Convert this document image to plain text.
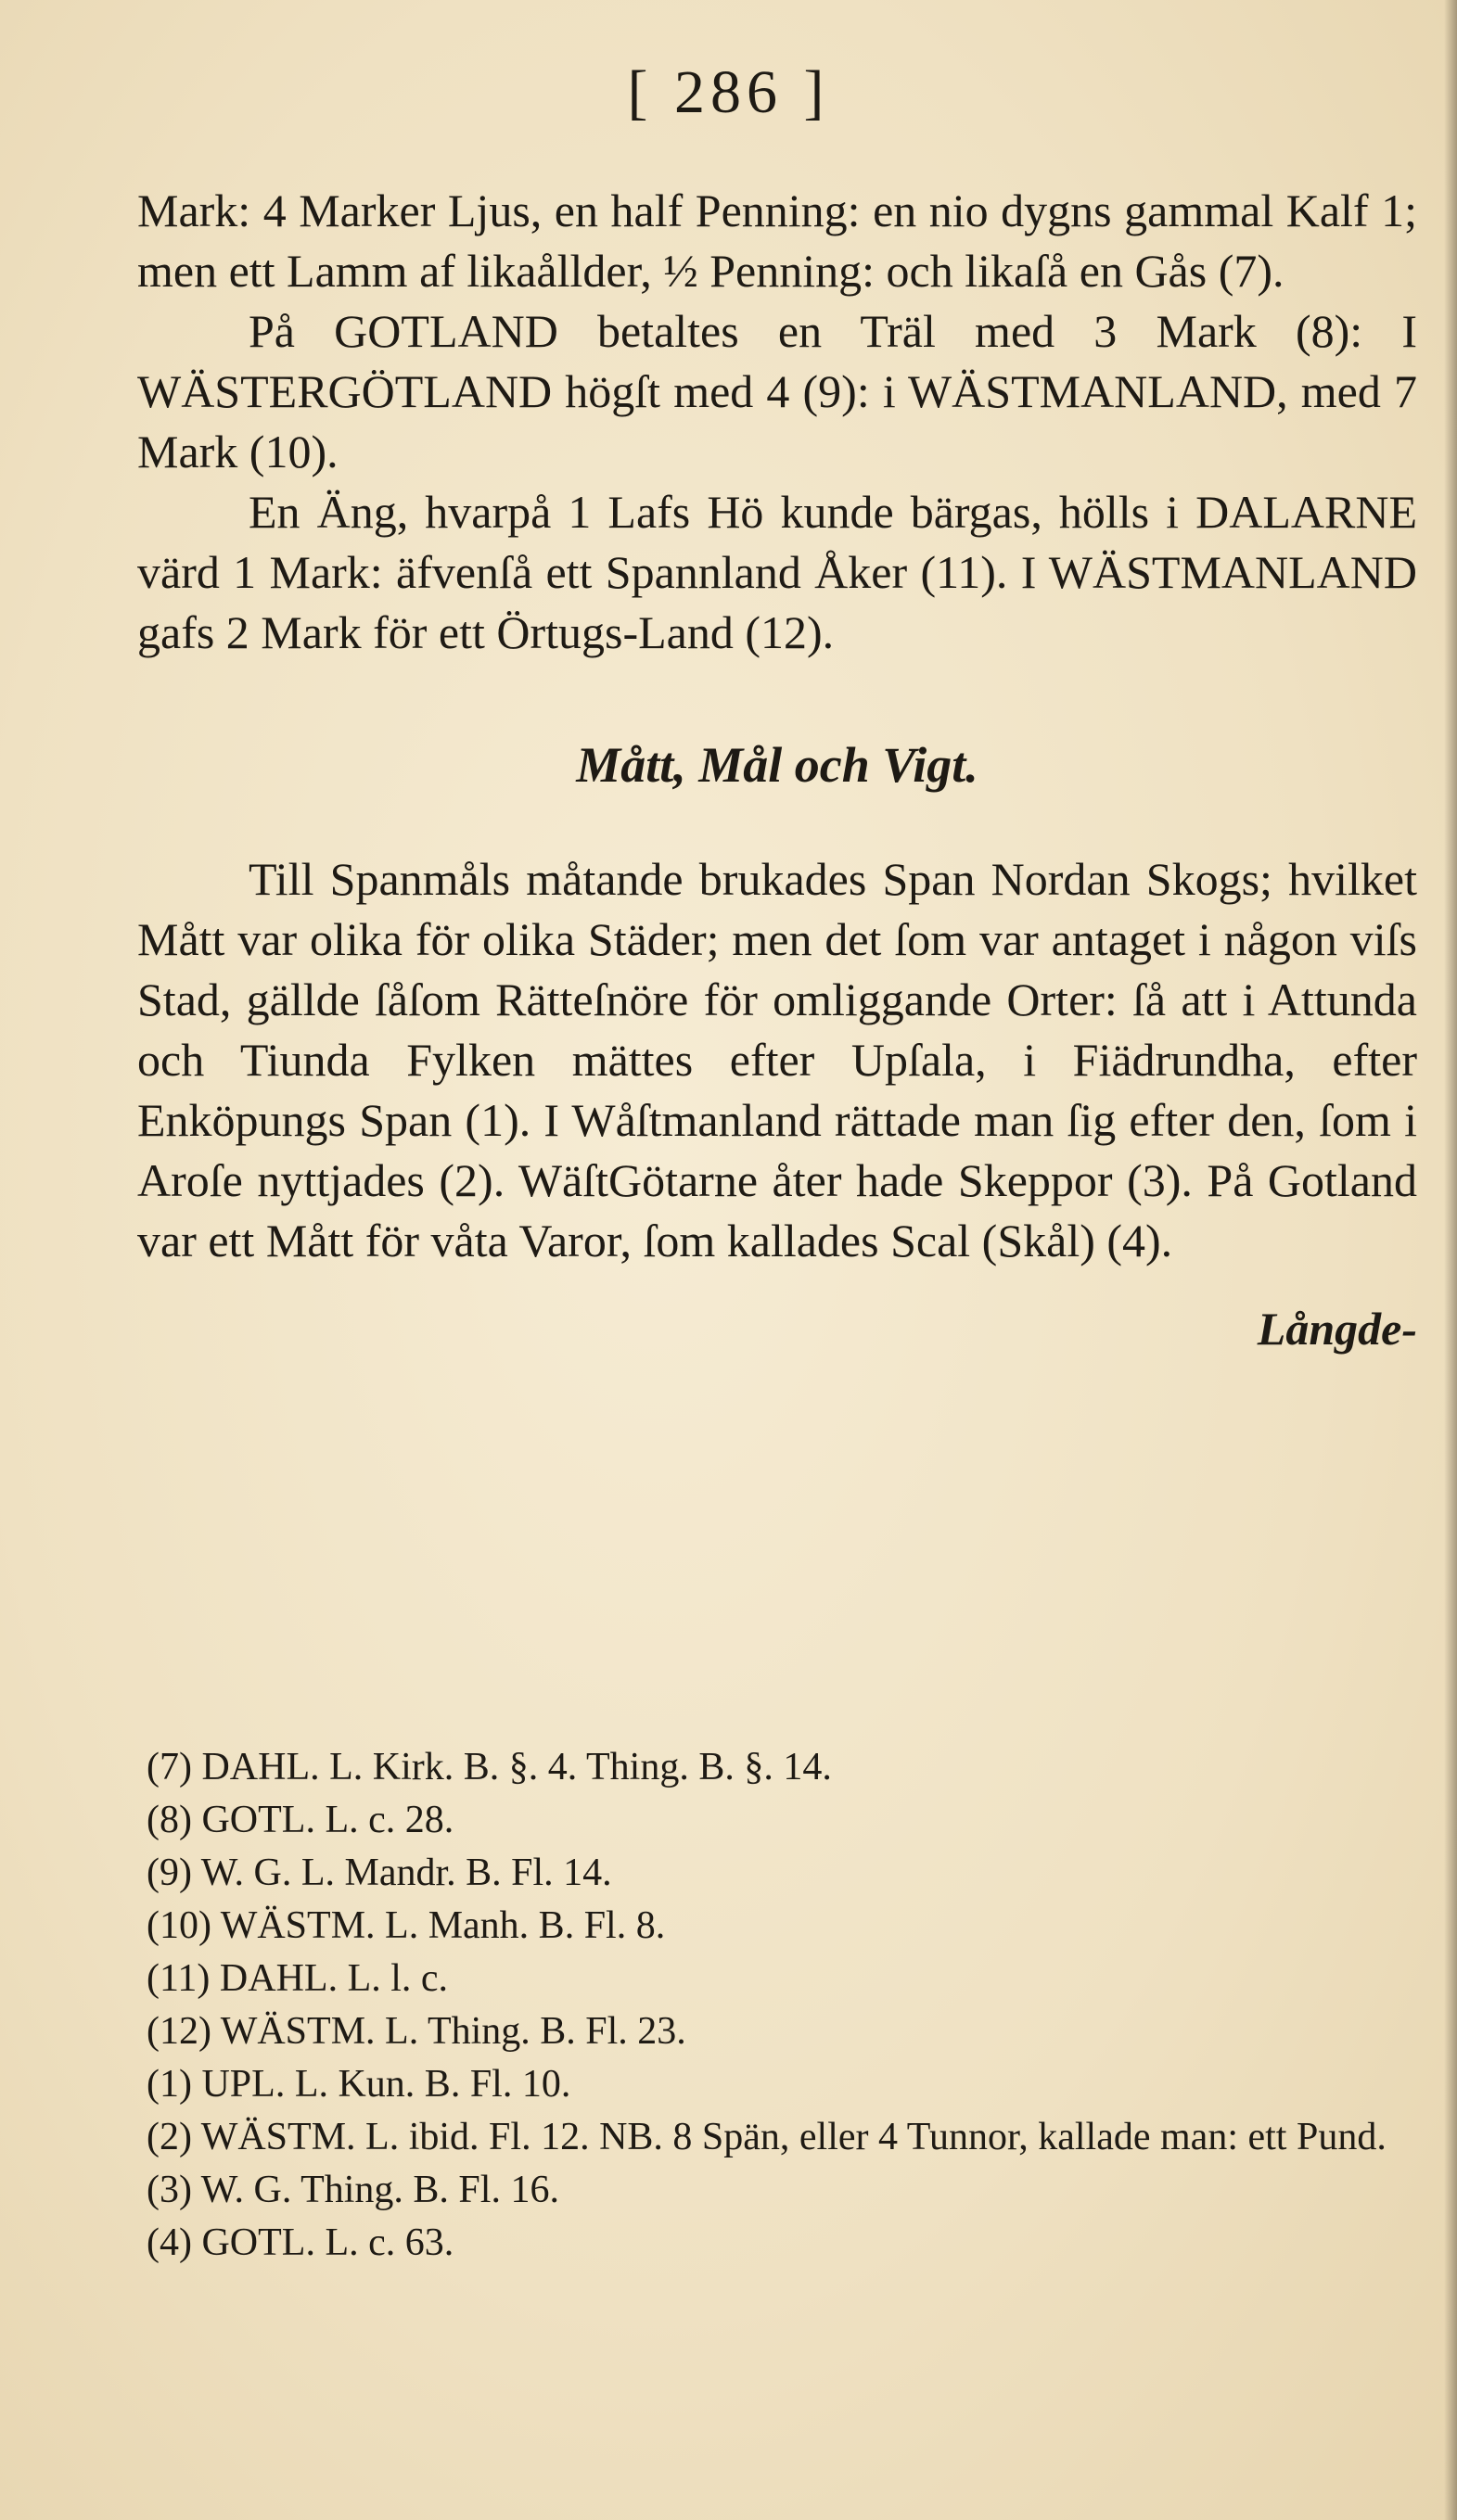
[ 286 ]

Mark: 4 Marker Ljus, en half Penning: en nio dygns gammal Kalf 1; men ett Lamm af likaållder, ½ Penning: och likaſå en Gås (7).

På GOTLAND betaltes en Träl med 3 Mark (8): I WÄSTERGÖTLAND högſt med 4 (9): i WÄSTMANLAND, med 7 Mark (10).

En Äng, hvarpå 1 Lafs Hö kunde bärgas, hölls i DALARNE värd 1 Mark: äfvenſå ett Spannland Åker (11). I WÄSTMANLAND gafs 2 Mark för ett Örtugs-Land (12).

Mått, Mål och Vigt.

Till Spanmåls måtande brukades Span Nordan Skogs; hvilket Mått var olika för olika Städer; men det ſom var antaget i någon viſs Stad, gällde ſåſom Rätteſnöre för omliggande Orter: ſå att i Attunda och Tiunda Fylken mättes efter Upſala, i Fiädrundha, efter Enköpungs Span (1). I Wåſtmanland rättade man ſig efter den, ſom i Aroſe nyttjades (2). WäſtGötarne åter hade Skeppor (3). På Gotland var ett Mått för våta Varor, ſom kallades Scal (Skål) (4).

Långde-

(7) DAHL. L. Kirk. B. §. 4. Thing. B. §. 14.

(8) GOTL. L. c. 28.

(9) W. G. L. Mandr. B. Fl. 14.

(10) WÄSTM. L. Manh. B. Fl. 8.

(11) DAHL. L. l. c.

(12) WÄSTM. L. Thing. B. Fl. 23.

(1) UPL. L. Kun. B. Fl. 10.

(2) WÄSTM. L. ibid. Fl. 12. NB. 8 Spän, eller 4 Tunnor, kallade man: ett Pund.

(3) W. G. Thing. B. Fl. 16.

(4) GOTL. L. c. 63.
